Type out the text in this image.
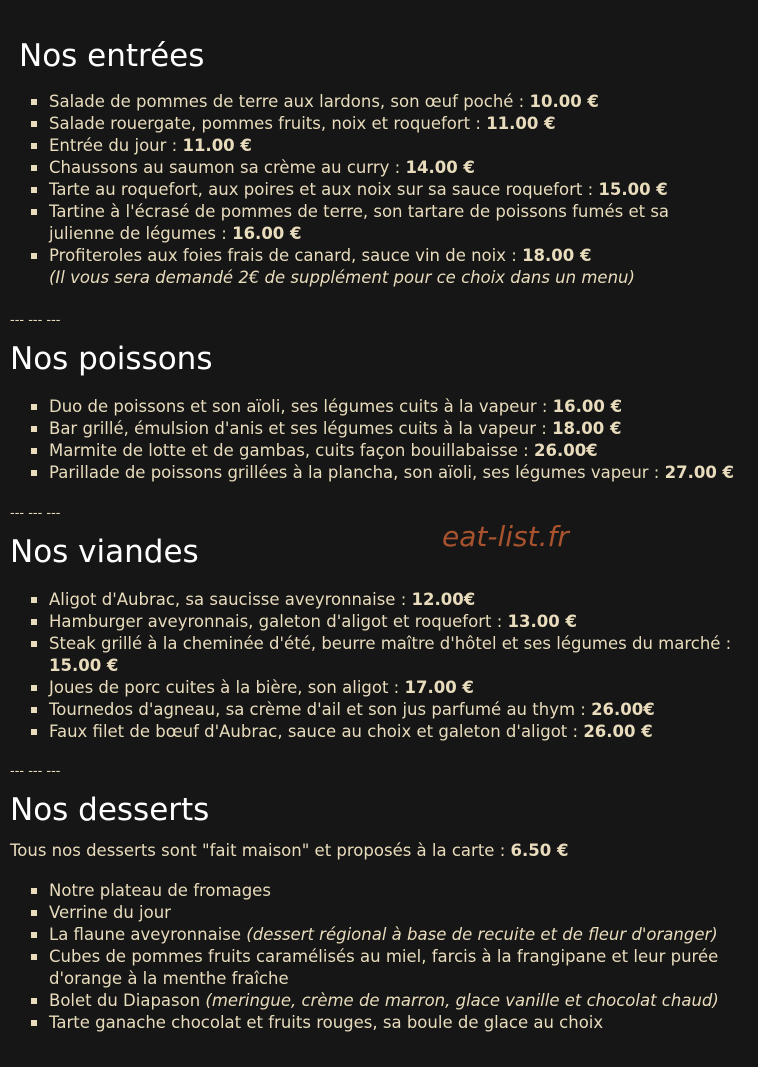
Nos entrées
Salade de pommes de terre aux lardons, son œuf poché : 10.00 €
Salade rouergate, pommes fruits, noix et roquefort : 11.00 €
Entrée du jour : 11.00 €
Chaussons au saumon sa crème au curry : 14.00 €
Tarte au roquefort, aux poires et aux noix sur sa sauce roquefort : 15.00 €
Tartine à l'écrasé de pommes de terre, son tartare de poissons fumés et sa julienne de légumes : 16.00 €
Profiteroles aux foies frais de canard, sauce vin de noix : 18.00 €
(Il vous sera demandé 2€ de supplément pour ce choix dans un menu)
--- --- ---
Nos poissons
Duo de poissons et son aïoli, ses légumes cuits à la vapeur : 16.00 €
Bar grillé, émulsion d'anis et ses légumes cuits à la vapeur : 18.00 €
Marmite de lotte et de gambas, cuits façon bouillabaisse : 26.00€
Parillade de poissons grillées à la plancha, son aïoli, ses légumes vapeur : 27.00 €
--- --- ---
Nos viandes	eat-list.fr
Aligot d'Aubrac, sa saucisse aveyronnaise : 12.00€
Hamburger aveyronnais, galeton d'aligot et roquefort : 13.00 €
Steak grillé à la cheminée d'été, beurre maître d'hôtel et ses légumes du marché : 15.00 €
Joues de porc cuites à la bière, son aligot : 17.00 €
Tournedos d'agneau, sa crème d'ail et son jus parfumé au thym : 26.00€
Faux filet de bœuf d'Aubrac, sauce au choix et galeton d'aligot : 26.00 €
--- --- ---
Nos desserts
Tous nos desserts sont "fait maison" et proposés à la carte : 6.50 €
Notre plateau de fromages
Verrine du jour
La flaune aveyronnaise (dessert régional à base de recuite et de fleur d'oranger)
Cubes de pommes fruits caramélisés au miel, farcis à la frangipane et leur purée d'orange à la menthe fraîche
Bolet du Diapason (meringue, crème de marron, glace vanille et chocolat chaud)
Tarte ganache chocolat et fruits rouges, sa boule de glace au choix
